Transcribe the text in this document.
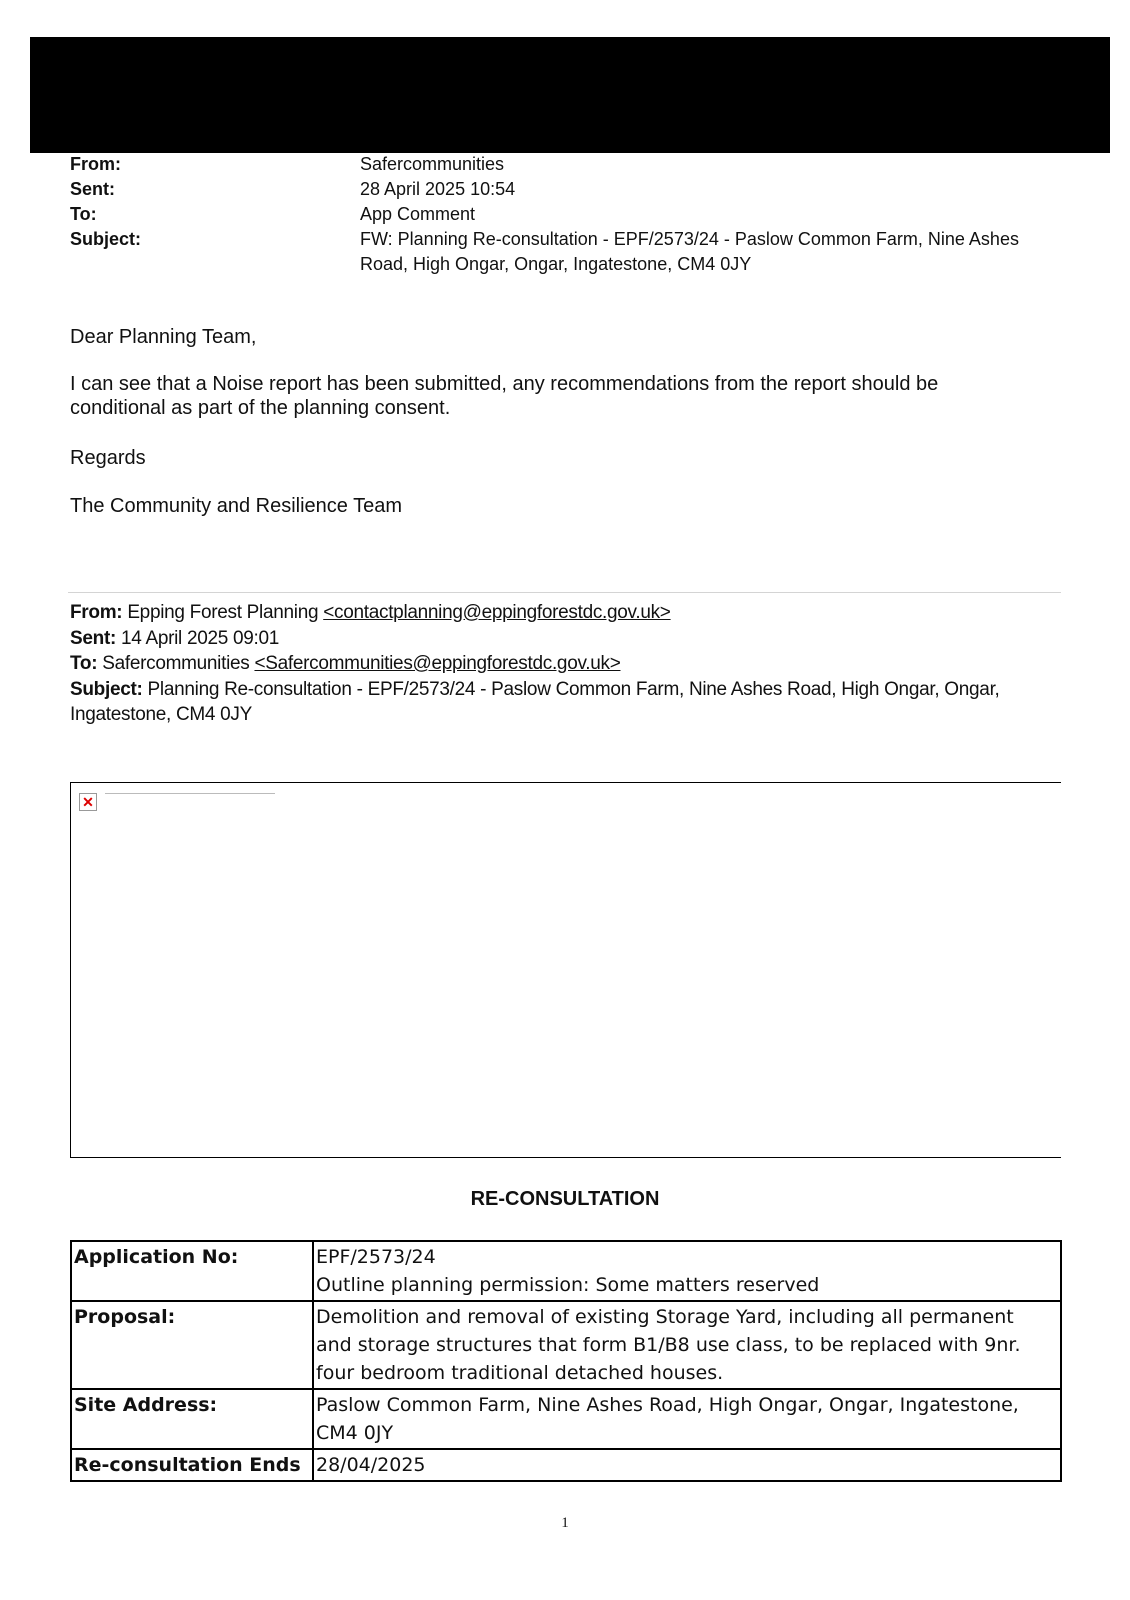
From:	Safercommunities
Sent:	28 April 2025 10:54
To:	App Comment
Subject:	FW: Planning Re-consultation - EPF/2573/24 - Paslow Common Farm, Nine Ashes
Road, High Ongar, Ongar, Ingatestone, CM4 0JY
Dear Planning Team,
I can see that a Noise report has been submitted, any recommendations from the report should be
conditional as part of the planning consent.
Regards
The Community and Resilience Team
From: Epping Forest Planning <contactplanning@eppingforestdc.gov.uk>
Sent: 14 April 2025 09:01
To: Safercommunities <Safercommunities@eppingforestdc.gov.uk>
Subject: Planning Re-consultation - EPF/2573/24 - Paslow Common Farm, Nine Ashes Road, High Ongar, Ongar,
Ingatestone, CM4 0JY
✕
RE-CONSULTATION
Application No:	EPF/2573/24
Outline planning permission: Some matters reserved
Proposal:	Demolition and removal of existing Storage Yard, including all permanent
and storage structures that form B1/B8 use class, to be replaced with 9nr.
four bedroom traditional detached houses.
Site Address:	Paslow Common Farm, Nine Ashes Road, High Ongar, Ongar, Ingatestone,
CM4 0JY
Re-consultation Ends	28/04/2025
1
